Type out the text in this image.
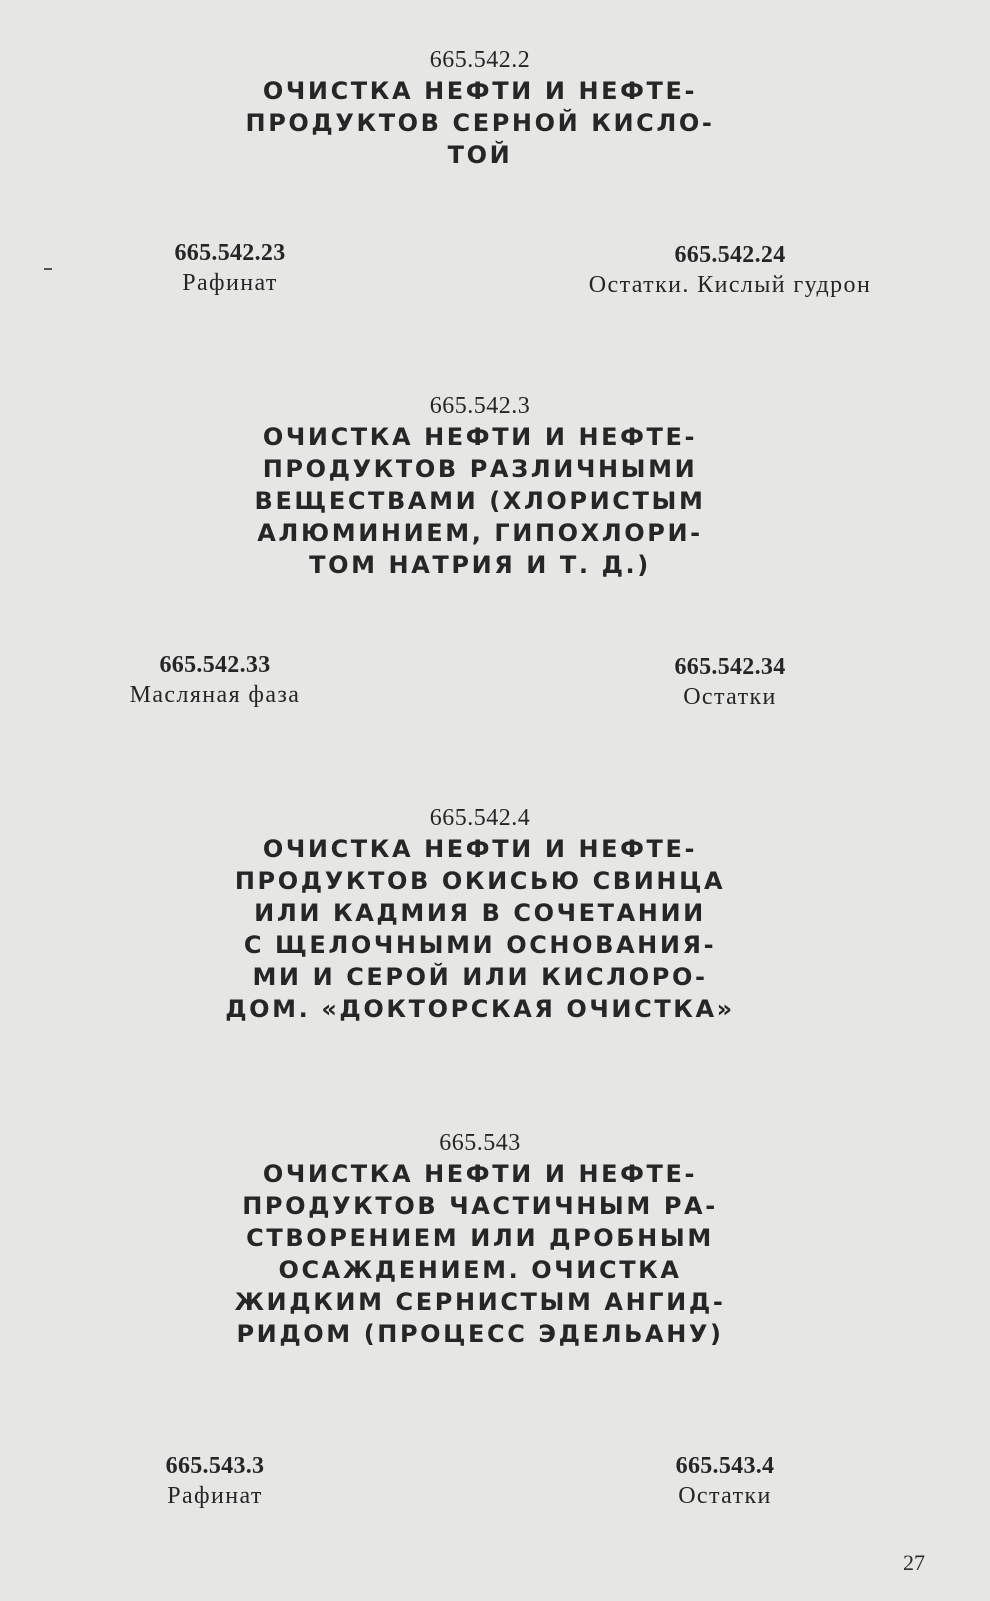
665.542.2
ОЧИСТКА НЕФТИ И НЕФТЕ-
ПРОДУКТОВ СЕРНОЙ КИСЛО-
ТОЙ
665.542.23
Рафинат
665.542.24
Остатки. Кислый гудрон
665.542.3
ОЧИСТКА НЕФТИ И НЕФТЕ-
ПРОДУКТОВ РАЗЛИЧНЫМИ
ВЕЩЕСТВАМИ (ХЛОРИСТЫМ
АЛЮМИНИЕМ, ГИПОХЛОРИ-
ТОМ НАТРИЯ И Т. Д.)
665.542.33
Масляная фаза
665.542.34
Остатки
665.542.4
ОЧИСТКА НЕФТИ И НЕФТЕ-
ПРОДУКТОВ ОКИСЬЮ СВИНЦА
ИЛИ КАДМИЯ В СОЧЕТАНИИ
С ЩЕЛОЧНЫМИ ОСНОВАНИЯ-
МИ И СЕРОЙ ИЛИ КИСЛОРО-
ДОМ. «ДОКТОРСКАЯ ОЧИСТКА»
665.543
ОЧИСТКА НЕФТИ И НЕФТЕ-
ПРОДУКТОВ ЧАСТИЧНЫМ РА-
СТВОРЕНИЕМ ИЛИ ДРОБНЫМ
ОСАЖДЕНИЕМ. ОЧИСТКА
ЖИДКИМ СЕРНИСТЫМ АНГИД-
РИДОМ (ПРОЦЕСС ЭДЕЛЬАНУ)
665.543.3
Рафинат
665.543.4
Остатки
27
